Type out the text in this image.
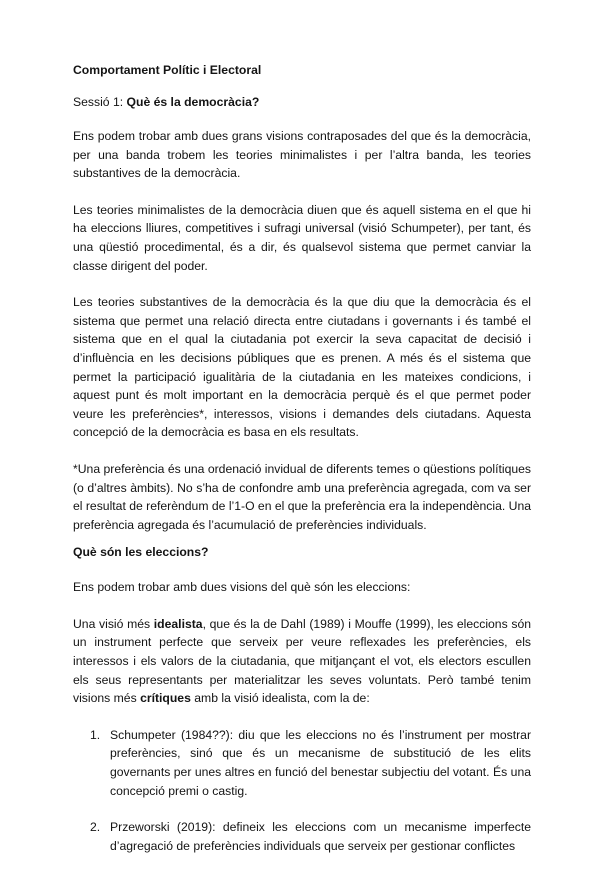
Comportament Polític i Electoral
Sessió 1: Què és la democràcia?

Ens podem trobar amb dues grans visions contraposades del que és la democràcia, per una banda trobem les teories minimalistes i per l’altra banda, les teories substantives de la democràcia.

Les teories minimalistes de la democràcia diuen que és aquell sistema en el que hi ha eleccions lliures, competitives i sufragi universal (visió Schumpeter), per tant, és una qüestió procedimental, és a dir, és qualsevol sistema que permet canviar la classe dirigent del poder.

Les teories substantives de la democràcia és la que diu que la democràcia és el sistema que permet una relació directa entre ciutadans i governants i és també el sistema que en el qual la ciutadania pot exercir la seva capacitat de decisió i d’influència en les decisions públiques que es prenen. A més és el sistema que permet la participació igualitària de la ciutadania en les mateixes condicions, i aquest punt és molt important en la democràcia perquè és el que permet poder veure les preferències*, interessos, visions i demandes dels ciutadans. Aquesta concepció de la democràcia es basa en els resultats.

*Una preferència és una ordenació invidual de diferents temes o qüestions polítiques (o d’altres àmbits). No s’ha de confondre amb una preferència agregada, com va ser el resultat de referèndum de l’1-O en el que la preferència era la independència. Una preferència agregada és l’acumulació de preferències individuals.

Què són les eleccions?

Ens podem trobar amb dues visions del què són les eleccions:

Una visió més idealista, que és la de Dahl (1989) i Mouffe (1999), les eleccions són un instrument perfecte que serveix per veure reflexades les preferències, els interessos i els valors de la ciutadania, que mitjançant el vot, els electors escullen els seus representants per materialitzar les seves voluntats. Però també tenim visions més crítiques amb la visió idealista, com la de:

1. Schumpeter (1984??): diu que les eleccions no és l’instrument per mostrar preferències, sinó que és un mecanisme de substitució de les elits governants per unes altres en funció del benestar subjectiu del votant. És una concepció premi o castig.
2. Przeworski (2019): defineix les eleccions com un mecanisme imperfecte d’agregació de preferències individuals que serveix per gestionar conflictes
